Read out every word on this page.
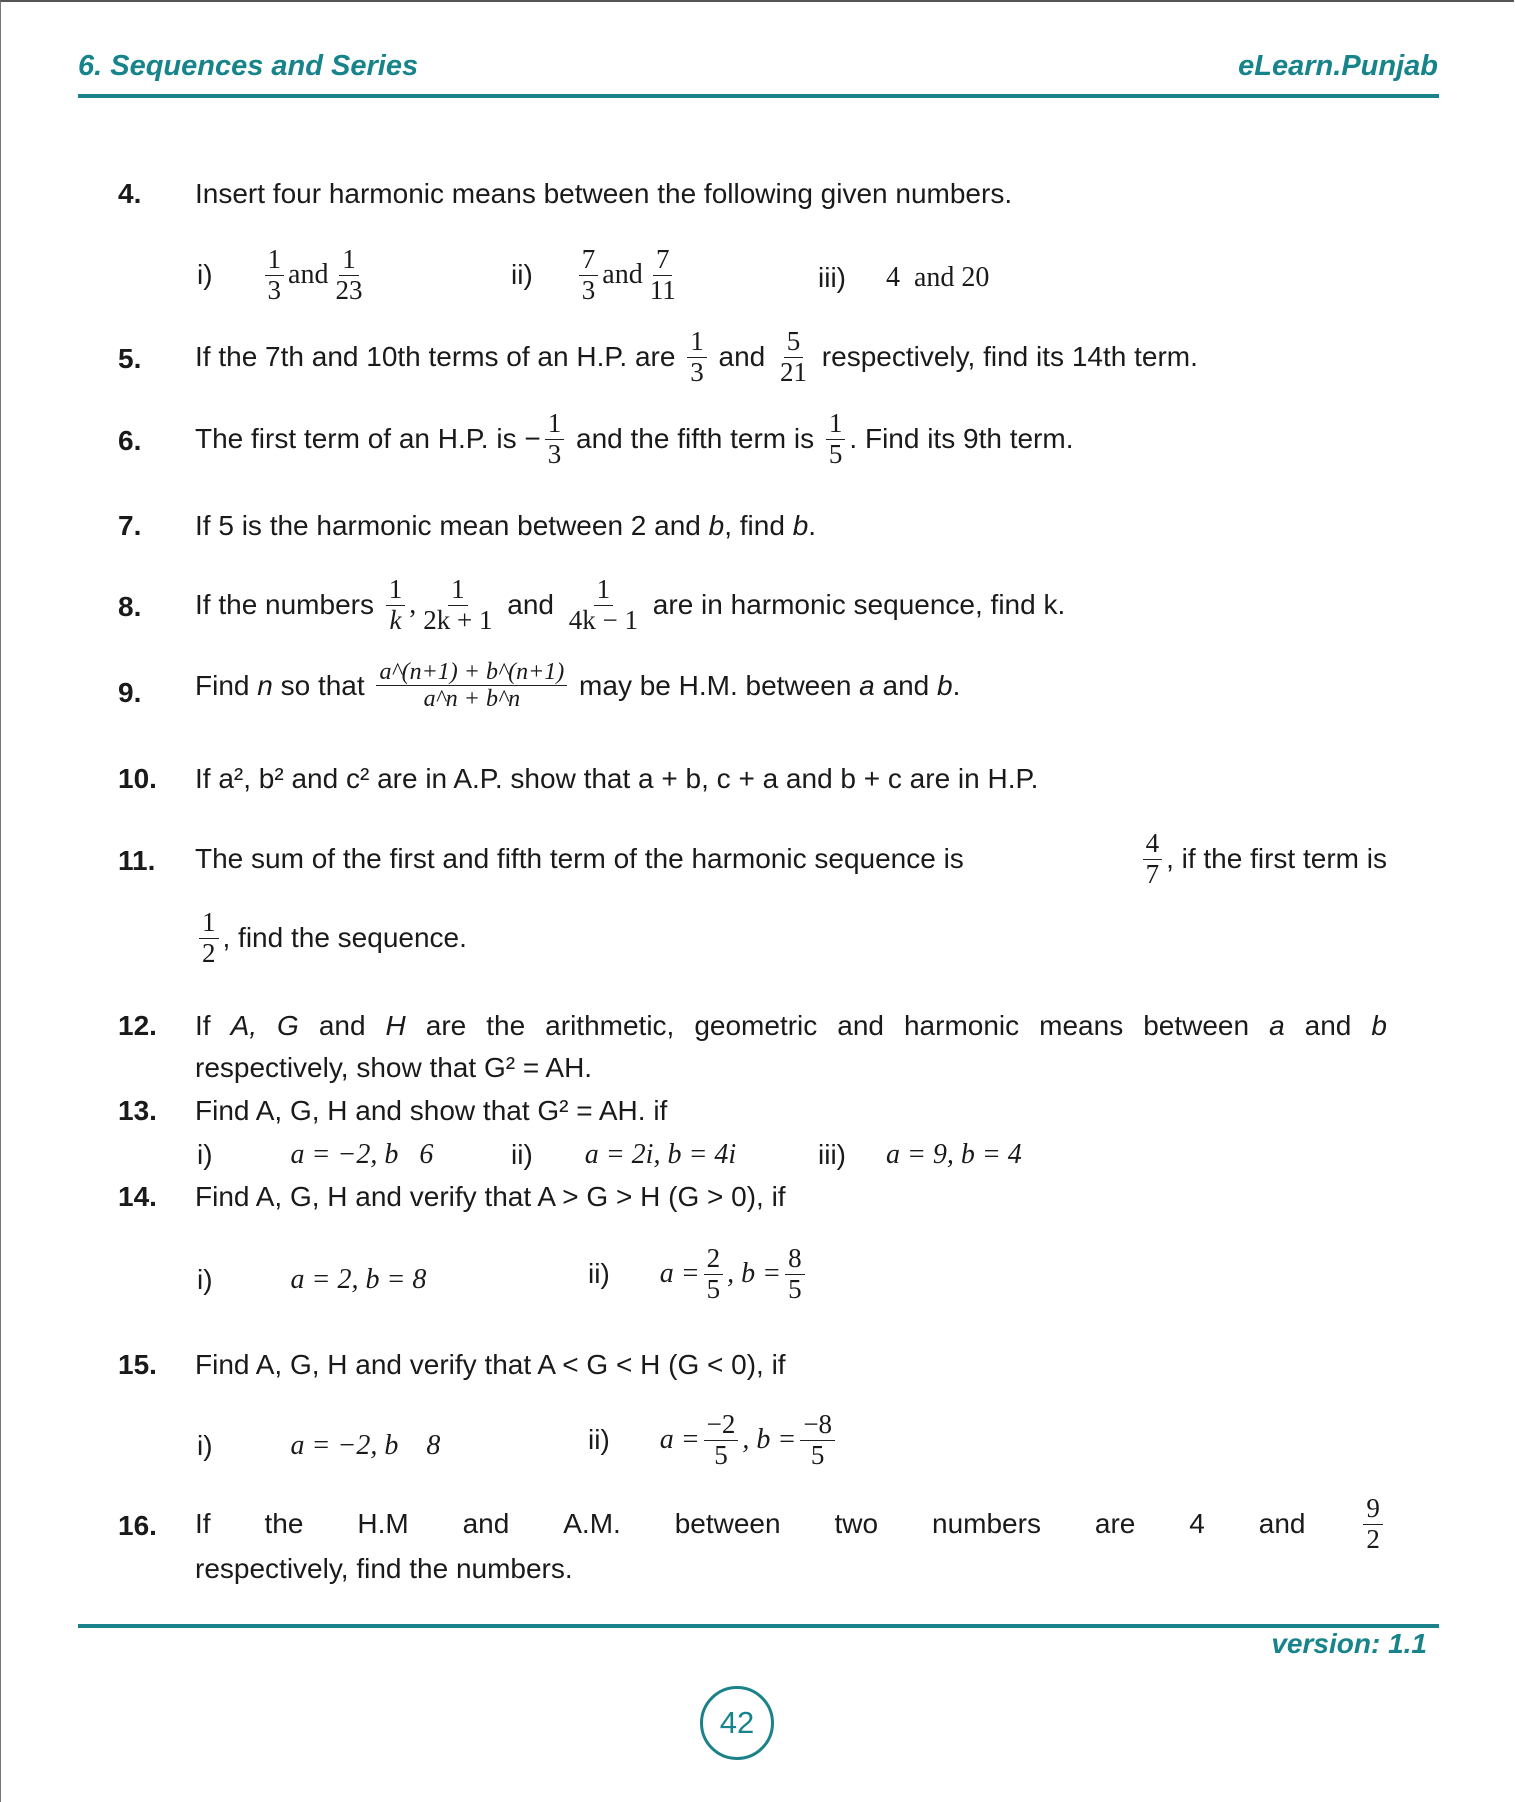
6. Sequences and Series	eLearn.Punjab
4. Insert four harmonic means between the following given numbers.
i)
1
3 and
1
23	ii)
7
3 and
7
11	iii) 4  and 20
5. If the 7th and 10th terms of an H.P. are
1
3 and
5
21 respectively, find its 14th term.
6. The first term of an H.P. is − $\frac{1}{3}$ and the fifth term is
1
5 . Find its 9th term.
7. If 5 is the harmonic mean between 2 and b , find b .
8. If the numbers
1
k ,
1
2k + 1 and
1
4k − 1 are in harmonic sequence, find k.
9. Find n so that a^(n+1) + b^(n+1)
a^n + b^n may be H.M. between a and b .
10. If a², b² and c² are in A.P. show that a + b, c + a and b + c are in H.P.
11. The sum of the first and fifth term of the harmonic sequence is
4
7 , if the first term is
1
2 , find the sequence.
12. If A, G and H are the arithmetic, geometric and harmonic means between a and b
respectively, show that G² = AH.
13. Find A, G, H and show that G² = AH. if
i)	a = −2, b   6	ii) a = 2i, b = 4i	iii) a = 9, b = 4
14. Find A, G, H and verify that A > G > H (G > 0), if
i)	a = 2, b = 8	ii) $a = \frac{2}{5}$ , $b = \frac{8}{5}$
15. Find A, G, H and verify that A < G < H (G < 0), if
i)	a = −2, b    8	ii) $a = \frac{-2}{5}$ , $b = \frac{-8}{5}$
16. If the H.M and A.M. between two numbers are 4 and
9
2
respectively, find the numbers.
version: 1.1
42
